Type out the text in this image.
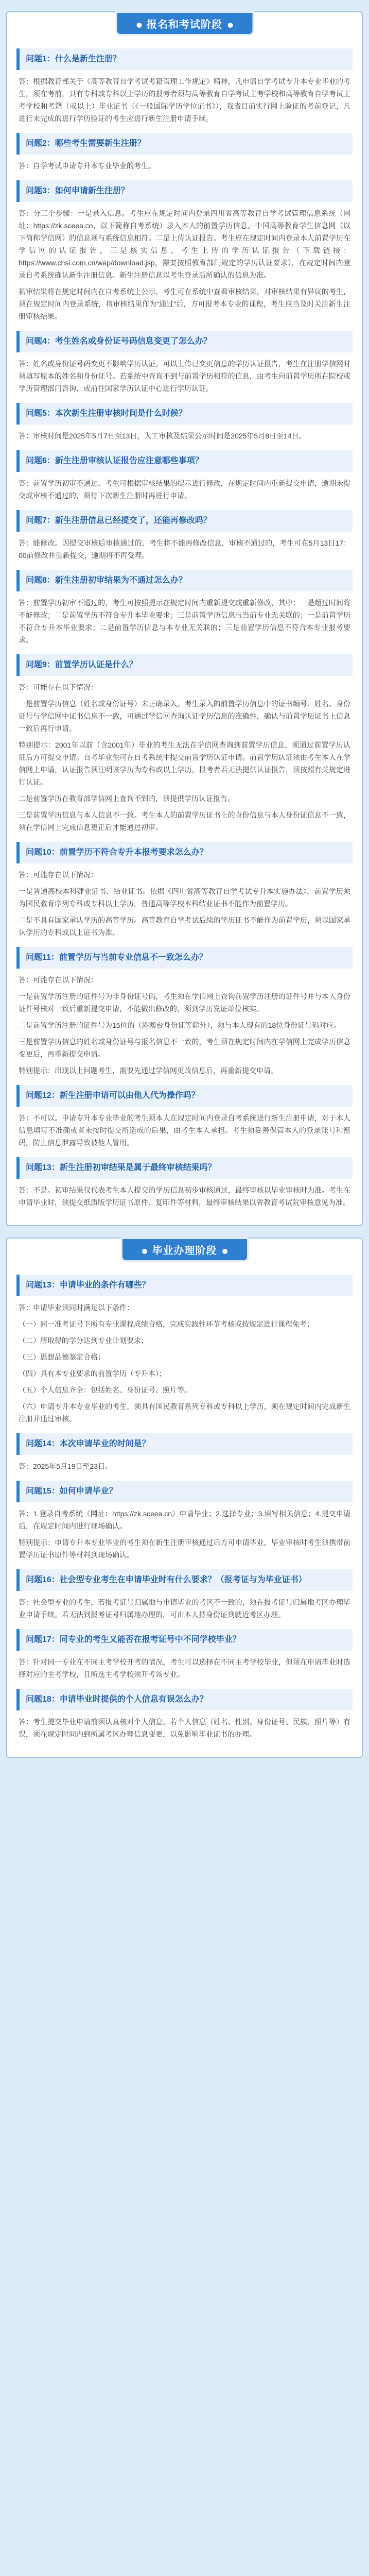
报名和考试阶段
问题1：什么是新生注册？

答：根据教育部关于《高等教育自学考试考籍管理工作规定》精神，凡申请自学考试专升本专业毕业的考生，须在考前，具有专科或专科以上学历的报考者须与高等教育自学考试主考学校和高等教育自学考试主考学校和考籍（或以上）毕业证书（《一般国际学历学位证书》），我省目前实行网上验证的考前登记，凡进行未完成的进行学历验证的考生应进行新生注册申请手续。

问题2：哪些考生需要新生注册？

答：自学考试申请专升本专业毕业的考生。

问题3：如何申请新生注册？

答：分三个步骤：一是录入信息。考生应在规定时间内登录四川省高等教育自学考试管理信息系统（网址：https://zk.sceea.cn，以下简称自考系统）录入本人的前置学历信息。中国高等教育学生信息网（以下简称学信网）的信息须与系统信息相符。二是上传认证报告。考生应在规定时间内登录本人前置学历在学信网的认证报告，三是核实信息，考生上传的学历认证报告（下载链接：https://www.chsi.com.cn/wap/download.jsp，需要按照教育部门规定的学历认证要求），在规定时间内登录自考系统确认新生注册信息。新生注册信息以考生登录后所确认的信息为准。

初审结果将在规定时间内在自考系统上公示，考生可在系统中查看审核结果，对审核结果有异议的考生，须在规定时间内登录系统，将审核结果作为"通过"后，方可报考本专业的课程，考生应当及时关注新生注册审核结果。

问题4：考生姓名或身份证号码信息变更了怎么办？

答：姓名或身份证号码变更不影响学历认证，可以上传已变更信息的学历认证报告，考生在注册学信网时须填写原本的姓名和身份证号。若系统中查询不到与前置学历相符的信息，由考生向前置学历所在院校或学历管理部门咨询，或前往国家学历认证中心进行学历认证。

问题5：本次新生注册审核时间是什么时候？

答：审核时间是2025年5月7日至13日，人工审核及结果公示时间是2025年5月8日至14日。

问题6：新生注册审核认证报告应注意哪些事项？

答：前置学历初审不通过，考生可根据审核结果的提示进行修改，在规定时间内重新提交申请，逾期未提交或审核不通过的，须待下次新生注册时再进行申请。

问题7：新生注册信息已经提交了，还能再修改吗？

答：能修改。因提交审核后审核通过的，考生将不能再修改信息，审核不通过的，考生可在5月13日17：00前修改并重新提交，逾期将不再受理。

问题8：新生注册初审结果为不通过怎么办？

答：前置学历初审不通过的，考生可按照提示在规定时间内重新提交或重新修改，其中：一是超过时间将不能修改；二是前置学历不符合专升本毕业要求；三是前置学历信息与当前专业无关联的；一是前置学历不符合专升本毕业要求；二是前置学历信息与本专业无关联的；三是前置学历信息不符合本专业报考要求。

问题9：前置学历认证是什么？

答：可能存在以下情况：

一是前置学历信息（姓名或身份证号）未正确录入。考生录入的前置学历信息中的证书编号、姓名、身份证号与学信网中证书信息不一致，可通过学信网查询认证学历信息的准确性，确认与前置学历证书上信息一致后再行申请。

特别提示：2001年以前（含2001年）毕业的考生无法在学信网查询到前置学历信息，须通过前置学历认证后方可提交申请。自考毕业生可在自考系统中提交前置学历认证申请。前置学历认证须由考生本人在学信网上申请，认证报告须注明该学历为专科或以上学历，报考者若无法提供认证报告，须按照有关规定进行认证。

二是前置学历在教育部学信网上查询不到的，须提供学历认证报告。

三是前置学历信息与本人信息不一致。考生本人的前置学历证书上的身份信息与本人身份证信息不一致，须在学信网上完成信息更正后才能通过初审。

问题10：前置学历不符合专升本报考要求怎么办？

答：可能存在以下情况：

一是普通高校本科肄业证书、结业证书。依据《四川省高等教育自学考试专升本实施办法》，前置学历须为国民教育序列专科或专科以上学历，普通高等学校本科结业证书不能作为前置学历。

二是不具有国家承认学历的高等学历。高等教育自学考试后续的学历证书不能作为前置学历，须以国家承认学历的专科或以上证书为准。

问题11：前置学历与当前专业信息不一致怎么办？

答：可能存在以下情况：

一是前置学历注册的证件号为非身份证号码，考生须在学信网上查询前置学历注册的证件号并与本人身份证件号核对一致后重新提交申请，不能做出修改的，须到学历发证单位核实。

二是前置学历注册的证件号为15位的（港澳台身份证等除外），须与本人现有的18位身份证号码对应。

三是前置学历信息的姓名或身份证号与报名信息不一致的，考生须在规定时间内在学信网上完成学历信息变更后，再重新提交申请。

特别提示：出现以上问题考生，需要先通过学信网更改信息后，再重新提交申请。

问题12：新生注册申请可以由他人代为操作吗？

答：不可以。申请专升本专业毕业的考生须本人在规定时间内登录自考系统进行新生注册申请，对于本人信息填写不准确或者未按时提交所造成的后果，由考生本人承担。考生须妥善保管本人的登录账号和密码，防止信息泄露导致被他人冒用。

问题13：新生注册初审结果是属于最终审核结果吗？

答：不是。初审结果仅代表考生本人提交的学历信息初步审核通过，最终审核以毕业审核时为准。考生在申请毕业时，须提交纸质版学历证书原件、复印件等材料，最终审核结果以省教育考试院审核意见为准。

毕业办理阶段
问题13：申请毕业的条件有哪些？

答：申请毕业须同时满足以下条件：

（一）同一准考证号下所有专业课程成绩合格，完成实践性环节考核或按规定进行课程免考；

（二）所取得的学分达到专业计划要求；

（三）思想品德鉴定合格；

（四）具有本专业要求的前置学历（专升本）；

（五）个人信息齐全：包括姓名、身份证号、照片等。

（六）申请专升本专业毕业的考生，须具有国民教育系列专科或专科以上学历，须在规定时间内完成新生注册并通过审核。

问题14：本次申请毕业的时间是？

答：2025年5月19日至23日。

问题15：如何申请毕业？

答：1.登录自考系统（网址：https://zk.sceea.cn）申请毕业；2.选择专业；3.填写相关信息；4.提交申请后，在规定时间内进行现场确认。

特别提示：申请专升本专业毕业的考生须在新生注册审核通过后方可申请毕业，毕业审核时考生须携带前置学历证书原件等材料到现场确认。

问题16：社会型专业考生在申请毕业时有什么要求？（报考证与为毕业证书）

答：社会型专业的考生，若报考证号归属地与申请毕业的考区不一致的，须在报考证号归属地考区办理毕业申请手续。若无法到报考证号归属地办理的，可由本人持身份证到就近考区办理。

问题17：同专业的考生又能否在报考证号中不同学校毕业？

答：针对同一专业在不同主考学校开考的情况，考生可以选择在不同主考学校毕业，但须在申请毕业时选择对应的主考学校，且所选主考学校须开考该专业。

问题18：申请毕业时提供的个人信息有误怎么办？

答：考生提交毕业申请前须认真核对个人信息，若个人信息（姓名、性别、身份证号、民族、照片等）有误，须在规定时间内到所属考区办理信息变更，以免影响毕业证书的办理。
